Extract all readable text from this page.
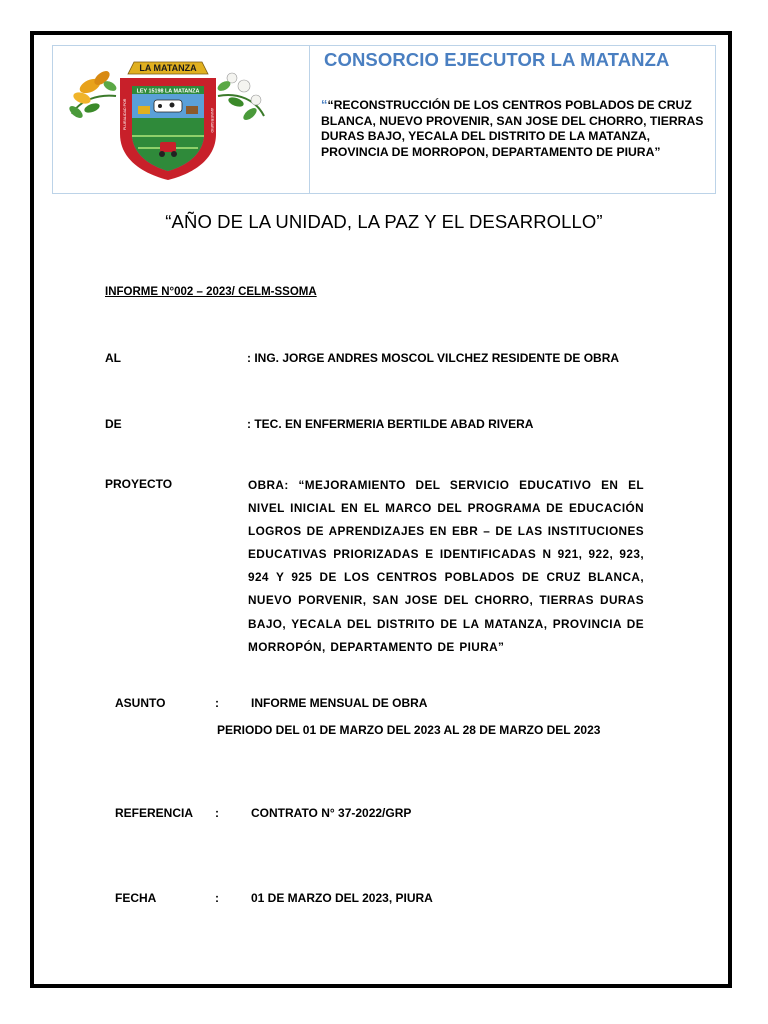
LA MATANZA
LEY 15198 LA MATANZA
PLURALIDAD POR	ANIVERSARIO
CONSORCIO EJECUTOR LA MATANZA

““RECONSTRUCCIÓN DE LOS CENTROS POBLADOS DE CRUZ BLANCA, NUEVO PROVENIR, SAN JOSE DEL CHORRO, TIERRAS DURAS BAJO, YECALA DEL DISTRITO DE LA MATANZA, PROVINCIA DE MORROPON, DEPARTAMENTO DE PIURA”

“AÑO DE LA UNIDAD, LA PAZ Y EL DESARROLLO”

INFORME N°002 – 2023/ CELM-SSOMA

AL	: ING. JORGE ANDRES MOSCOL VILCHEZ RESIDENTE DE OBRA

DE	: TEC. EN ENFERMERIA BERTILDE ABAD RIVERA

PROYECTO	OBRA: “MEJORAMIENTO DEL SERVICIO EDUCATIVO EN EL NIVEL INICIAL EN EL MARCO DEL PROGRAMA DE EDUCACIÓN LOGROS DE APRENDIZAJES EN EBR – DE LAS INSTITUCIONES EDUCATIVAS PRIORIZADAS E IDENTIFICADAS N 921, 922, 923, 924 Y 925 DE LOS CENTROS POBLADOS DE CRUZ BLANCA, NUEVO PORVENIR, SAN JOSE DEL CHORRO, TIERRAS DURAS BAJO, YECALA DEL DISTRITO DE LA MATANZA, PROVINCIA DE MORROPÓN, DEPARTAMENTO DE PIURA”

ASUNTO	:	INFORME MENSUAL DE OBRA

PERIODO DEL 01 DE MARZO DEL 2023 AL 28 DE MARZO DEL 2023

REFERENCIA :	CONTRATO N° 37-2022/GRP

FECHA	:	01 DE MARZO DEL 2023, PIURA
